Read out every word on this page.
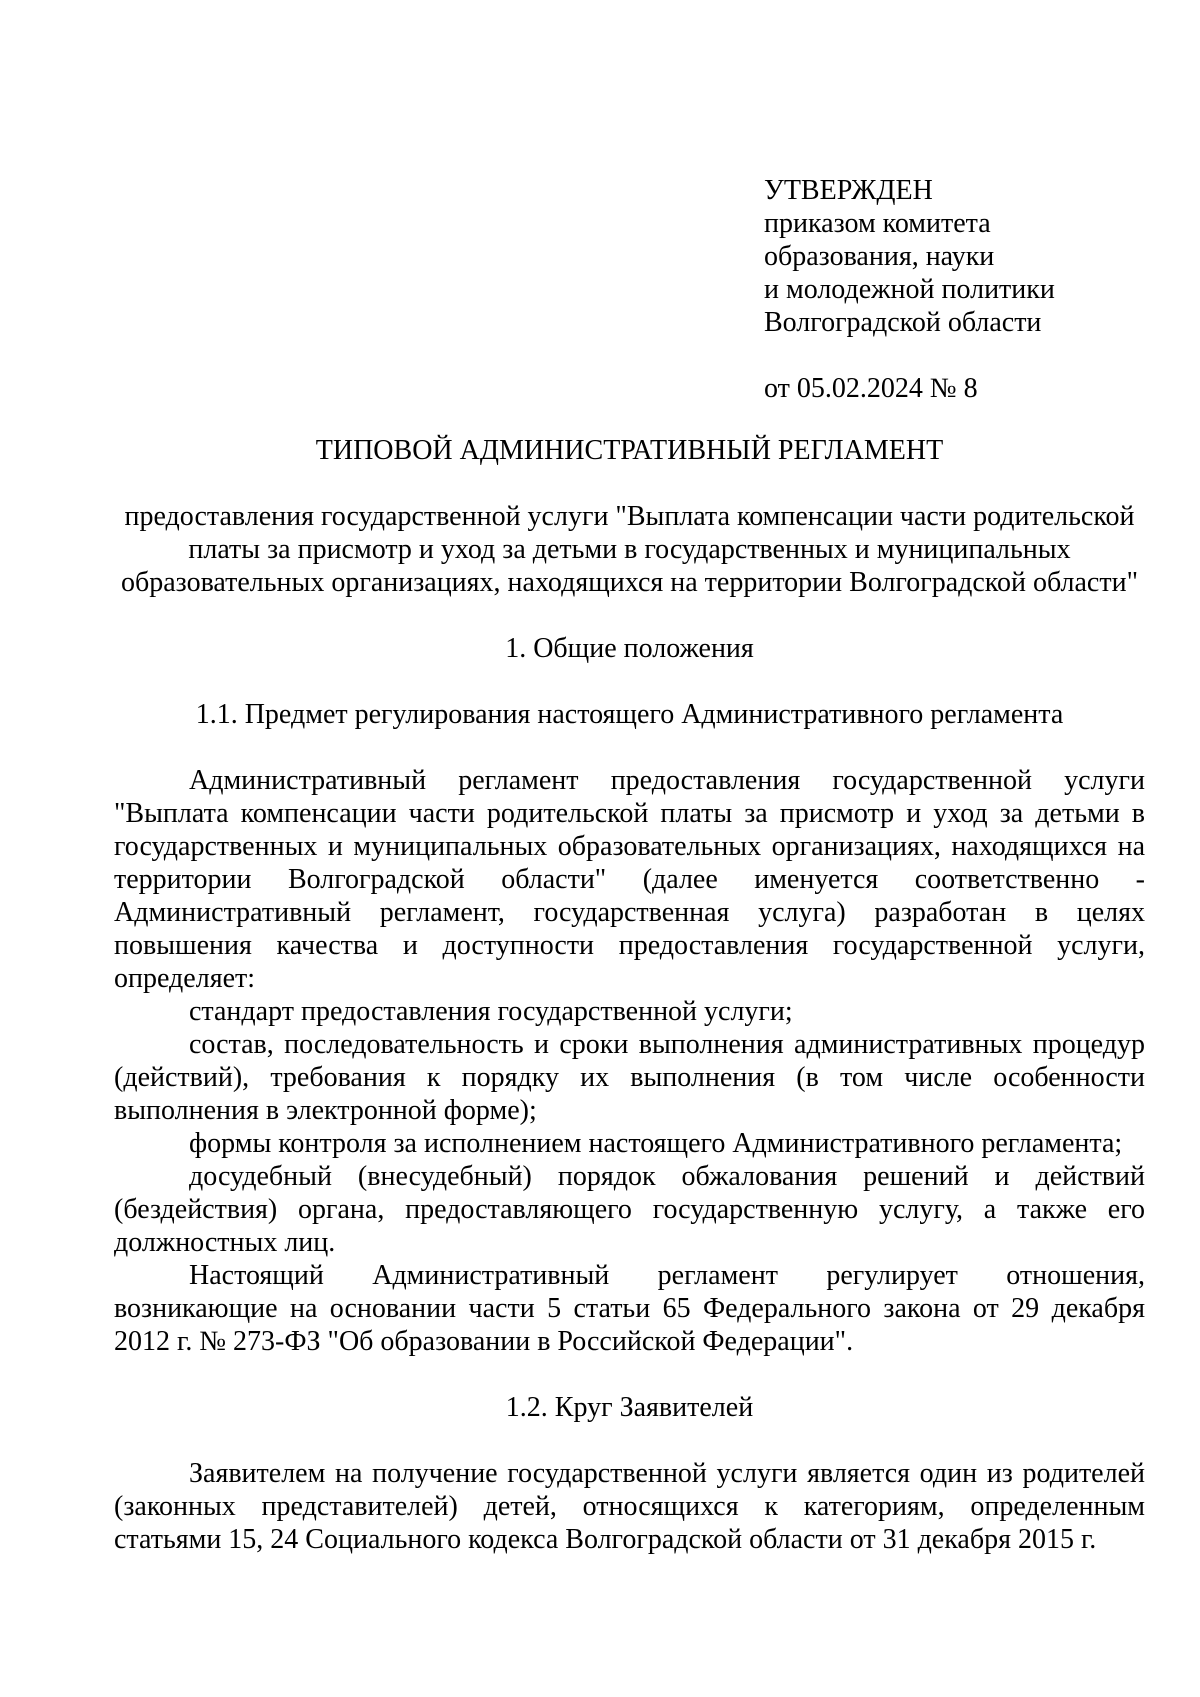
УТВЕРЖДЕН
приказом комитета
образования, науки
и молодежной политики
Волгоградской области
от 05.02.2024 № 8
ТИПОВОЙ АДМИНИСТРАТИВНЫЙ РЕГЛАМЕНТ

предоставления государственной услуги "Выплата компенсации части родительской платы за присмотр и уход за детьми в государственных и муниципальных образовательных организациях, находящихся на территории Волгоградской области"

1. Общие положения
1.1. Предмет регулирования настоящего Административного регламента

Административный регламент предоставления государственной услуги "Выплата компенсации части родительской платы за присмотр и уход за детьми в государственных и муниципальных образовательных организациях, находящихся на территории Волгоградской области" (далее именуется соответственно - Административный регламент, государственная услуга) разработан в целях повышения качества и доступности предоставления государственной услуги, определяет:

стандарт предоставления государственной услуги;

состав, последовательность и сроки выполнения административных процедур (действий), требования к порядку их выполнения (в том числе особенности выполнения в электронной форме);

формы контроля за исполнением настоящего Административного регламента;

досудебный (внесудебный) порядок обжалования решений и действий (бездействия) органа, предоставляющего государственную услугу, а также его должностных лиц.

Настоящий Административный регламент регулирует отношения, возникающие на основании части 5 статьи 65 Федерального закона от 29 декабря 2012 г. № 273-ФЗ "Об образовании в Российской Федерации".

1.2. Круг Заявителей

Заявителем на получение государственной услуги является один из родителей (законных представителей) детей, относящихся к категориям, определенным статьями 15, 24 Социального кодекса Волгоградской области от 31 декабря 2015 г.
